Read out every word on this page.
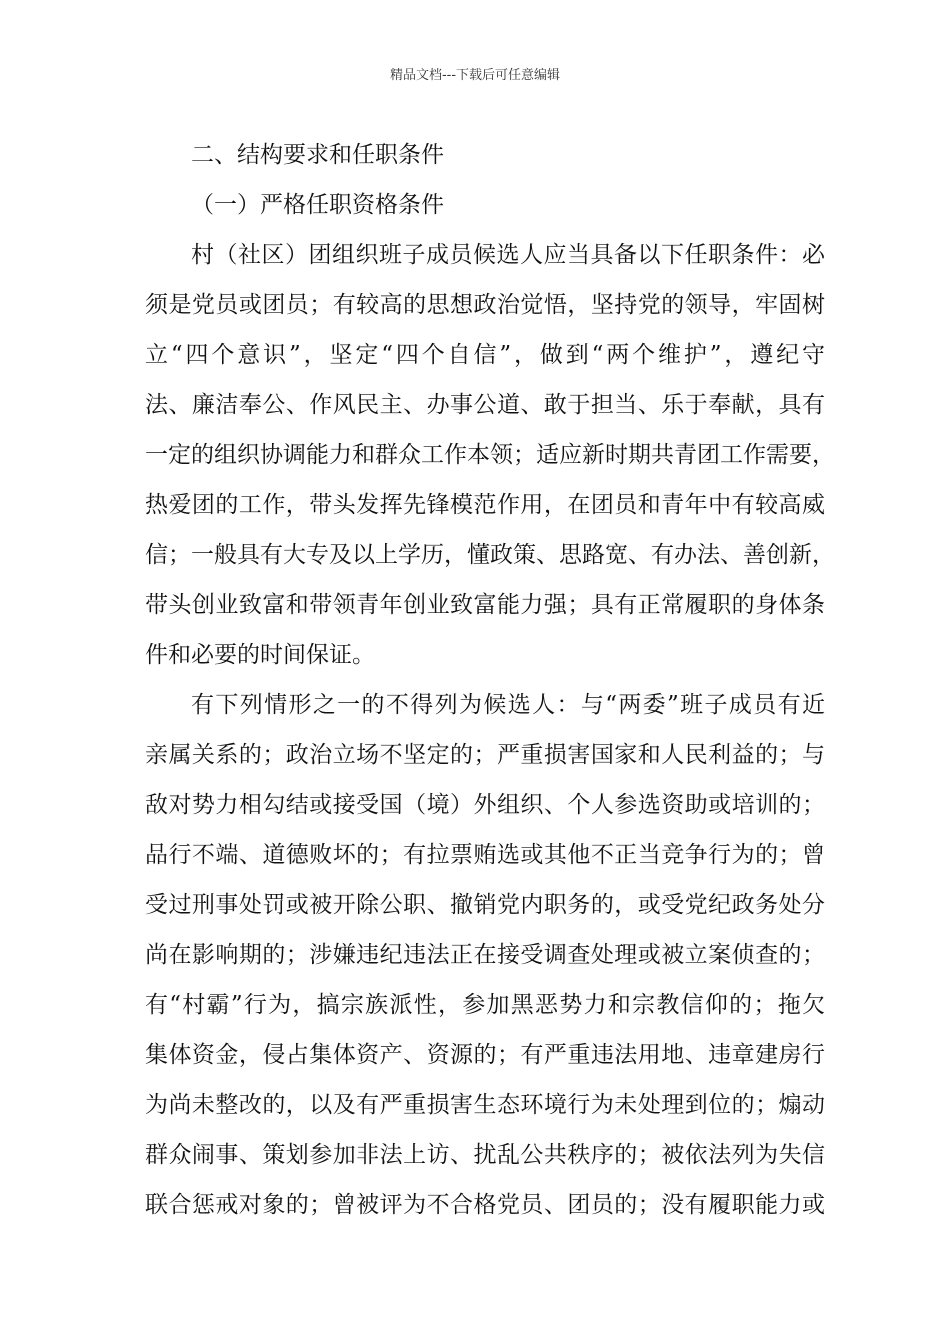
精品文档---下载后可任意编辑
二、结构要求和任职条件
（一）严格任职资格条件
村（社区）团组织班子成员候选人应当具备以下任职条件：必
须是党员或团员；有较高的思想政治觉悟，坚持党的领导，牢固树
立“四个意识”，坚定“四个自信”，做到“两个维护”，遵纪守
法、廉洁奉公、作风民主、办事公道、敢于担当、乐于奉献，具有
一定的组织协调能力和群众工作本领；适应新时期共青团工作需要，
热爱团的工作，带头发挥先锋模范作用，在团员和青年中有较高威
信；一般具有大专及以上学历，懂政策、思路宽、有办法、善创新，
带头创业致富和带领青年创业致富能力强；具有正常履职的身体条
件和必要的时间保证。
有下列情形之一的不得列为候选人：与“两委”班子成员有近
亲属关系的；政治立场不坚定的；严重损害国家和人民利益的；与
敌对势力相勾结或接受国（境）外组织、个人参选资助或培训的；
品行不端、道德败坏的；有拉票贿选或其他不正当竞争行为的；曾
受过刑事处罚或被开除公职、撤销党内职务的，或受党纪政务处分
尚在影响期的；涉嫌违纪违法正在接受调查处理或被立案侦查的；
有“村霸”行为，搞宗族派性，参加黑恶势力和宗教信仰的；拖欠
集体资金，侵占集体资产、资源的；有严重违法用地、违章建房行
为尚未整改的，以及有严重损害生态环境行为未处理到位的；煽动
群众闹事、策划参加非法上访、扰乱公共秩序的；被依法列为失信
联合惩戒对象的；曾被评为不合格党员、团员的；没有履职能力或
